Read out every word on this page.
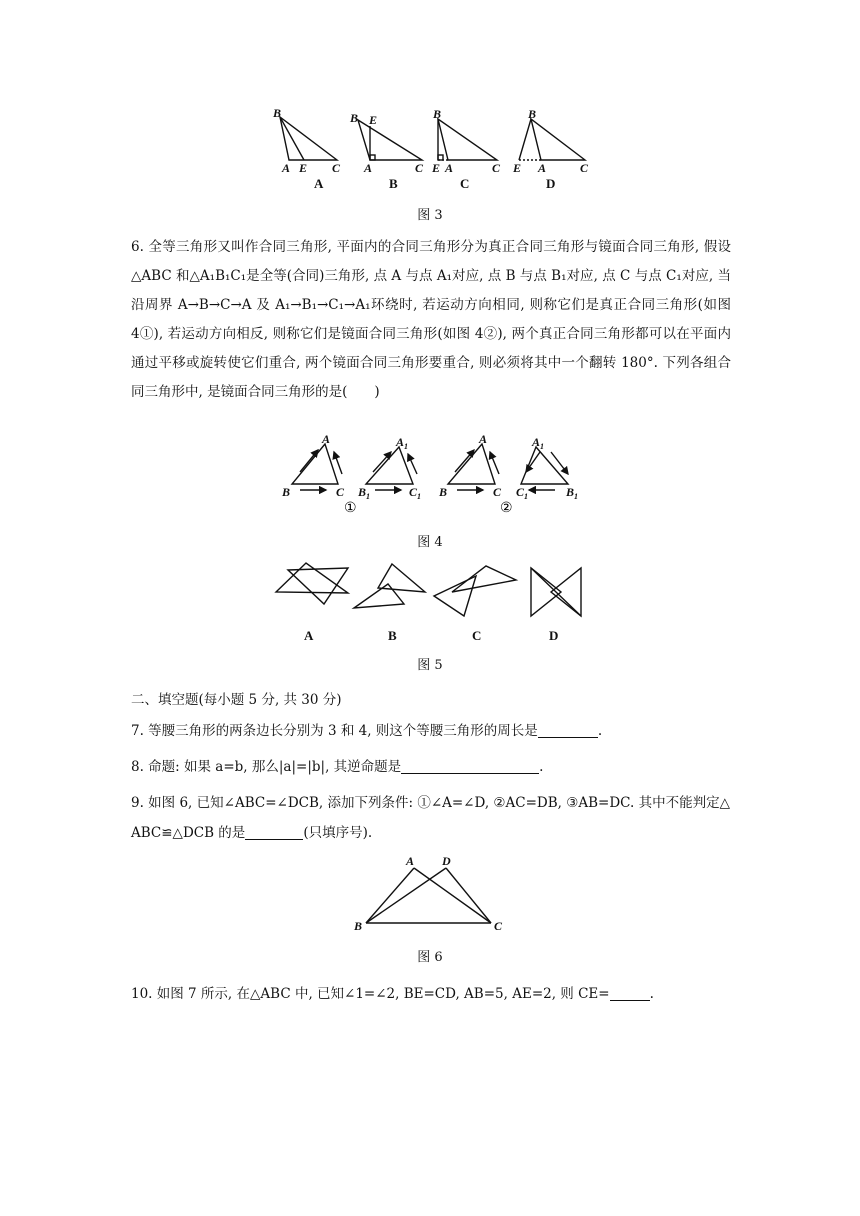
B
A E C
A
B E
A	C
B
B
E A	C
C
B
E A	C
D
图 3
6. 全等三角形又叫作合同三角形, 平面内的合同三角形分为真正合同三角形与镜面合同三角形, 假设△ABC 和△A₁B₁C₁是全等(合同)三角形, 点 A 与点 A₁对应, 点 B 与点 B₁对应, 点 C 与点 C₁对应, 当沿周界 A→B→C→A 及 A₁→B₁→C₁→A₁环绕时, 若运动方向相同, 则称它们是真正合同三角形(如图 4①), 若运动方向相反, 则称它们是镜面合同三角形(如图 4②), 两个真正合同三角形都可以在平面内通过平移或旋转使它们重合, 两个镜面合同三角形要重合, 则必须将其中一个翻转 180°. 下列各组合同三角形中, 是镜面合同三角形的是(　　)
A
B	C
$A_1$
$B_1$	$C_1$
A
B	C
$A_1$
$C_1$	$B_1$
①	②
图 4
A	B	C	D
图 5
二、填空题(每小题 5 分, 共 30 分)
7. 等腰三角形的两条边长分别为 3 和 4, 则这个等腰三角形的周长是	.
8. 命题: 如果 a=b, 那么|a|=|b|, 其逆命题是	.
9. 如图 6, 已知∠ABC=∠DCB, 添加下列条件: ①∠A=∠D, ②AC=DB, ③AB=DC. 其中不能判定△
ABC≌△DCB 的是	(只填序号).
A D
B	C
图 6
10. 如图 7 所示, 在△ABC 中, 已知∠1=∠2, BE=CD, AB=5, AE=2, 则 CE=	.
